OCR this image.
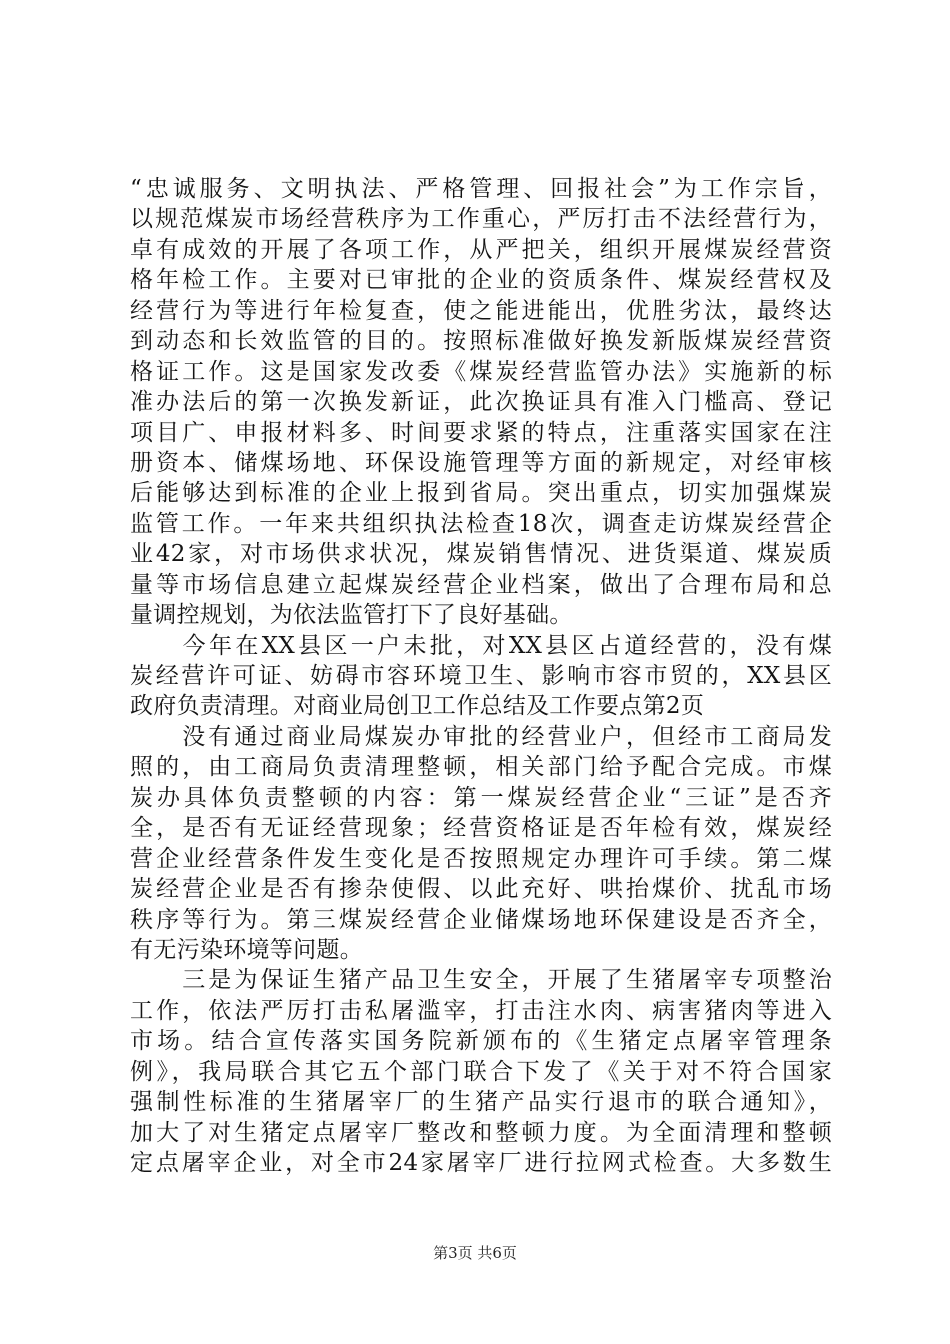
“忠诚服务、文明执法、严格管理、回报社会”为工作宗旨，
以规范煤炭市场经营秩序为工作重心，严厉打击不法经营行为，
卓有成效的开展了各项工作，从严把关，组织开展煤炭经营资
格年检工作。主要对已审批的企业的资质条件、煤炭经营权及
经营行为等进行年检复查，使之能进能出，优胜劣汰，最终达
到动态和长效监管的目的。按照标准做好换发新版煤炭经营资
格证工作。这是国家发改委《煤炭经营监管办法》实施新的标
准办法后的第一次换发新证，此次换证具有准入门槛高、登记
项目广、申报材料多、时间要求紧的特点，注重落实国家在注
册资本、储煤场地、环保设施管理等方面的新规定，对经审核
后能够达到标准的企业上报到省局。突出重点，切实加强煤炭
监管工作。一年来共组织执法检查18次，调查走访煤炭经营企
业42家，对市场供求状况，煤炭销售情况、进货渠道、煤炭质
量等市场信息建立起煤炭经营企业档案，做出了合理布局和总
量调控规划，为依法监管打下了良好基础。
　　今年在XX县区一户未批，对XX县区占道经营的，没有煤
炭经营许可证、妨碍市容环境卫生、影响市容市贸的，XX县区
政府负责清理。对商业局创卫工作总结及工作要点第2页
　　没有通过商业局煤炭办审批的经营业户，但经市工商局发
照的，由工商局负责清理整顿，相关部门给予配合完成。市煤
炭办具体负责整顿的内容：第一煤炭经营企业“三证”是否齐
全，是否有无证经营现象；经营资格证是否年检有效，煤炭经
营企业经营条件发生变化是否按照规定办理许可手续。第二煤
炭经营企业是否有掺杂使假、以此充好、哄抬煤价、扰乱市场
秩序等行为。第三煤炭经营企业储煤场地环保建设是否齐全，
有无污染环境等问题。
　　三是为保证生猪产品卫生安全，开展了生猪屠宰专项整治
工作，依法严厉打击私屠滥宰，打击注水肉、病害猪肉等进入
市场。结合宣传落实国务院新颁布的《生猪定点屠宰管理条
例》，我局联合其它五个部门联合下发了《关于对不符合国家
强制性标准的生猪屠宰厂的生猪产品实行退市的联合通知》，
加大了对生猪定点屠宰厂整改和整顿力度。为全面清理和整顿
定点屠宰企业，对全市24家屠宰厂进行拉网式检查。大多数生
第3页 共6页
